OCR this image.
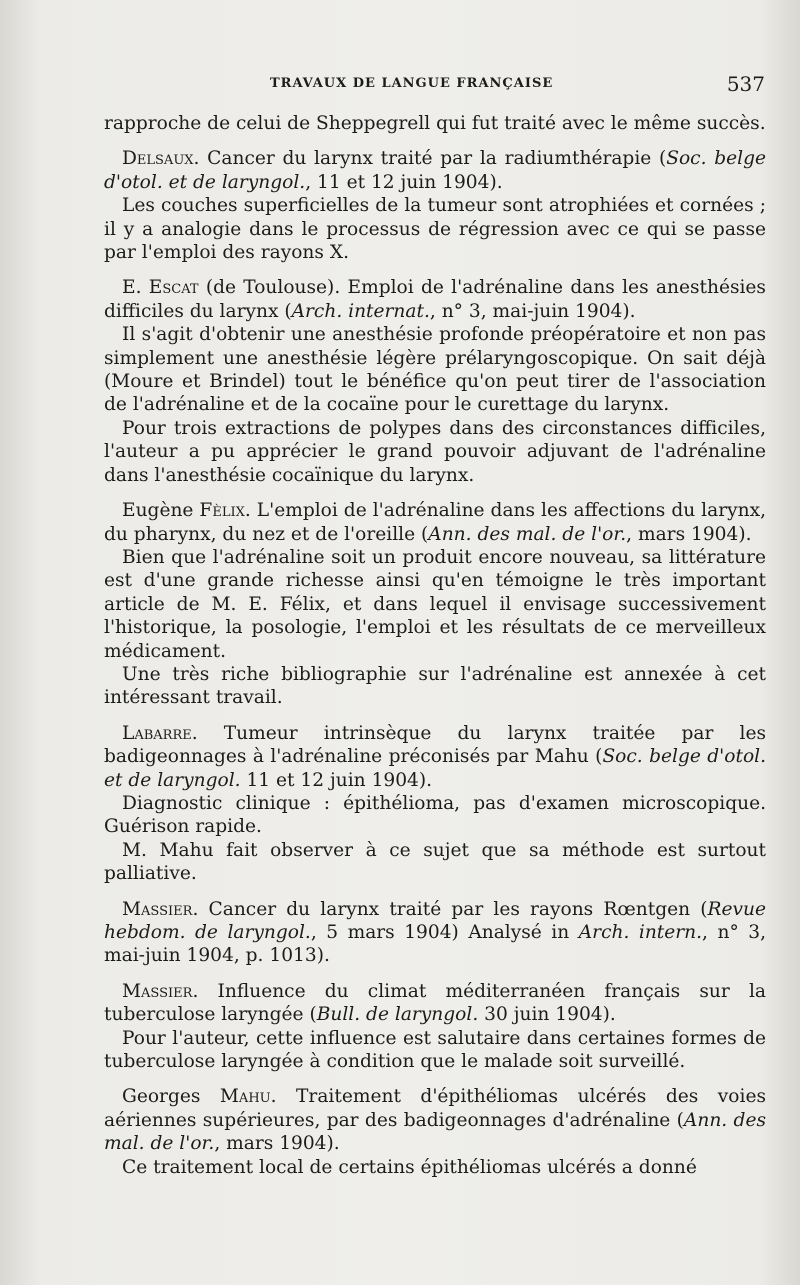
TRAVAUX DE LANGUE FRANÇAISE	537

rapproche de celui de Sheppegrell qui fut traité avec le même succès.

Delsaux. Cancer du larynx traité par la radiumthérapie (Soc. belge d'otol. et de laryngol., 11 et 12 juin 1904).

Les couches superficielles de la tumeur sont atrophiées et cornées ; il y a analogie dans le processus de régression avec ce qui se passe par l'emploi des rayons X.

E. Escat (de Toulouse). Emploi de l'adrénaline dans les anesthésies difficiles du larynx (Arch. internat., n° 3, mai-juin 1904).

Il s'agit d'obtenir une anesthésie profonde préopératoire et non pas simplement une anesthésie légère prélaryngoscopique. On sait déjà (Moure et Brindel) tout le bénéfice qu'on peut tirer de l'association de l'adrénaline et de la cocaïne pour le curettage du larynx.

Pour trois extractions de polypes dans des circonstances difficiles, l'auteur a pu apprécier le grand pouvoir adjuvant de l'adrénaline dans l'anesthésie cocaïnique du larynx.

Eugène Fèlix. L'emploi de l'adrénaline dans les affections du larynx, du pharynx, du nez et de l'oreille (Ann. des mal. de l'or., mars 1904).

Bien que l'adrénaline soit un produit encore nouveau, sa littérature est d'une grande richesse ainsi qu'en témoigne le très important article de M. E. Félix, et dans lequel il envisage successivement l'historique, la posologie, l'emploi et les résultats de ce merveilleux médicament.

Une très riche bibliographie sur l'adrénaline est annexée à cet intéressant travail.

Labarre. Tumeur intrinsèque du larynx traitée par les badigeonnages à l'adrénaline préconisés par Mahu (Soc. belge d'otol. et de laryngol. 11 et 12 juin 1904).

Diagnostic clinique : épithélioma, pas d'examen microscopique. Guérison rapide.

M. Mahu fait observer à ce sujet que sa méthode est surtout palliative.

Massier. Cancer du larynx traité par les rayons Rœntgen (Revue hebdom. de laryngol., 5 mars 1904) Analysé in Arch. intern., n° 3, mai-juin 1904, p. 1013).

Massier. Influence du climat méditerranéen français sur la tuberculose laryngée (Bull. de laryngol. 30 juin 1904).

Pour l'auteur, cette influence est salutaire dans certaines formes de tuberculose laryngée à condition que le malade soit surveillé.

Georges Mahu. Traitement d'épithéliomas ulcérés des voies aériennes supérieures, par des badigeonnages d'adrénaline (Ann. des mal. de l'or., mars 1904).

Ce traitement local de certains épithéliomas ulcérés a donné
